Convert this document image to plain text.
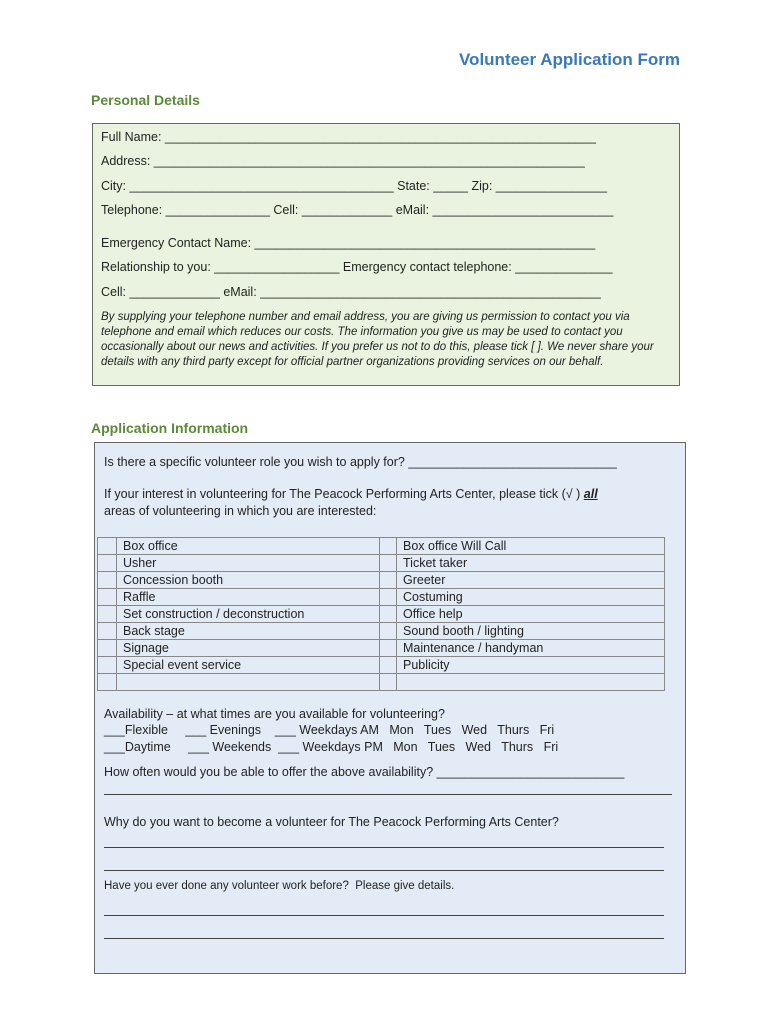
Volunteer Application Form
Personal Details
Full Name: ______________________________________________________________
Address: ______________________________________________________________
City: ______________________________________ State: _____ Zip: ________________
Telephone: _______________ Cell: _____________ eMail: __________________________
Emergency Contact Name: _________________________________________________
Relationship to you: __________________ Emergency contact telephone: ______________
Cell: _____________ eMail: _________________________________________________
By supplying your telephone number and email address, you are giving us permission to contact you via telephone and email which reduces our costs. The information you give us may be used to contact you occasionally about our news and activities. If you prefer us not to do this, please tick [ ]. We never share your details with any third party except for official partner organizations providing services on our behalf.
Application Information
Is there a specific volunteer role you wish to apply for? ______________________________
If your interest in volunteering for The Peacock Performing Arts Center, please tick (√ ) all
areas of volunteering in which you are interested:
	Box office		Box office Will Call
	Usher		Ticket taker
	Concession booth		Greeter
	Raffle		Costuming
	Set construction / deconstruction		Office help
	Back stage		Sound booth / lighting
	Signage		Maintenance / handyman
	Special event service		Publicity

Availability – at what times are you available for volunteering?
___Flexible     ___ Evenings    ___ Weekdays AM   Mon   Tues   Wed   Thurs   Fri
___Daytime     ___ Weekends  ___ Weekdays PM   Mon   Tues   Wed   Thurs   Fri
How often would you be able to offer the above availability? ___________________________
Why do you want to become a volunteer for The Peacock Performing Arts Center?
Have you ever done any volunteer work before?  Please give details.
